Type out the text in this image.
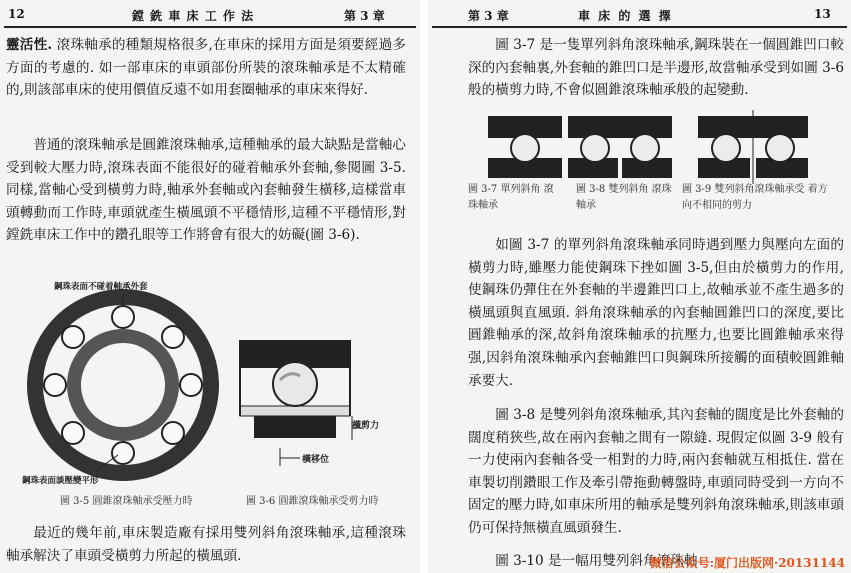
12	鏜 銑 車 床 工 作 法	第 3 章

靈活性. 滾珠軸承的種類規格很多,在車床的採用方面是須要經過多方面的考慮的. 如一部車床的車頭部份所裝的滾珠軸承是不太精確的,則該部車床的使用價值反遠不如用套圈軸承的車床來得好.

普通的滾珠軸承是圓錐滾珠軸承,這種軸承的最大缺點是當軸心受到較大壓力時,滾珠表面不能很好的碰着軸承外套軸,參閱圖 3-5. 同樣,當軸心受到橫剪力時,軸承外套軸或內套軸發生橫移,這樣當車頭轉動而工作時,車頭就產生橫風頭不平穩情形,這種不平穩情形,對鏜銑車床工作中的鑽孔眼等工作將會有很大的妨礙(圖 3-6).

鋼珠表面不碰着軸承外套
鋼珠表面談壓變平形
圖 3-5 圓錐滾珠軸承受壓力時
橫剪力
橫移位
圖 3-6 圓錐滾珠軸承受剪力時

最近的幾年前,車床製造廠有採用雙列斜角滾珠軸承,這種滾珠軸承解決了車頭受橫剪力所起的橫風頭.

第 3 章	車 床 的 選 擇	13

圖 3-7 是一隻單列斜角滾珠軸承,鋼珠裝在一個圓錐凹口較深的內套軸裏,外套軸的錐凹口是半邊形,故當軸承受到如圖 3-6 般的橫剪力時,不會似圓錐滾珠軸承般的起變動.

圖 3-7 單列斜角 滾珠軸承
圖 3-8 雙列斜角 滾珠軸承
圖 3-9 雙列斜角滾珠軸承受 着方向不相同的剪力

如圖 3-7 的單列斜角滾珠軸承同時遇到壓力與壓向左面的橫剪力時,雖壓力能使鋼珠下挫如圖 3-5,但由於橫剪力的作用,使鋼珠仍彈住在外套軸的半邊錐凹口上,故軸承並不產生過多的橫風頭與直風頭. 斜角滾珠軸承的內套軸圓錐凹口的深度,要比圓錐軸承的深,故斜角滾珠軸承的抗壓力,也要比圓錐軸承來得强,因斜角滾珠軸承內套軸錐凹口與鋼珠所接觸的面積較圓錐軸承要大.

圖 3-8 是雙列斜角滾珠軸承,其內套軸的闊度是比外套軸的闊度稍狹些,故在兩內套軸之間有一隙縫. 現假定似圖 3-9 般有一力使兩內套軸各受一相對的力時,兩內套軸就互相抵住. 當在車製切削鑽眼工作及牽引帶拖動轉盤時,車頭同時受到一方向不固定的壓力時,如車床所用的軸承是雙列斜角滾珠軸承,則該車頭仍可保持無橫直風頭發生.

圖 3-10 是一幅用雙列斜角滾珠軸

微信公众号:厦门出版网·20131144
